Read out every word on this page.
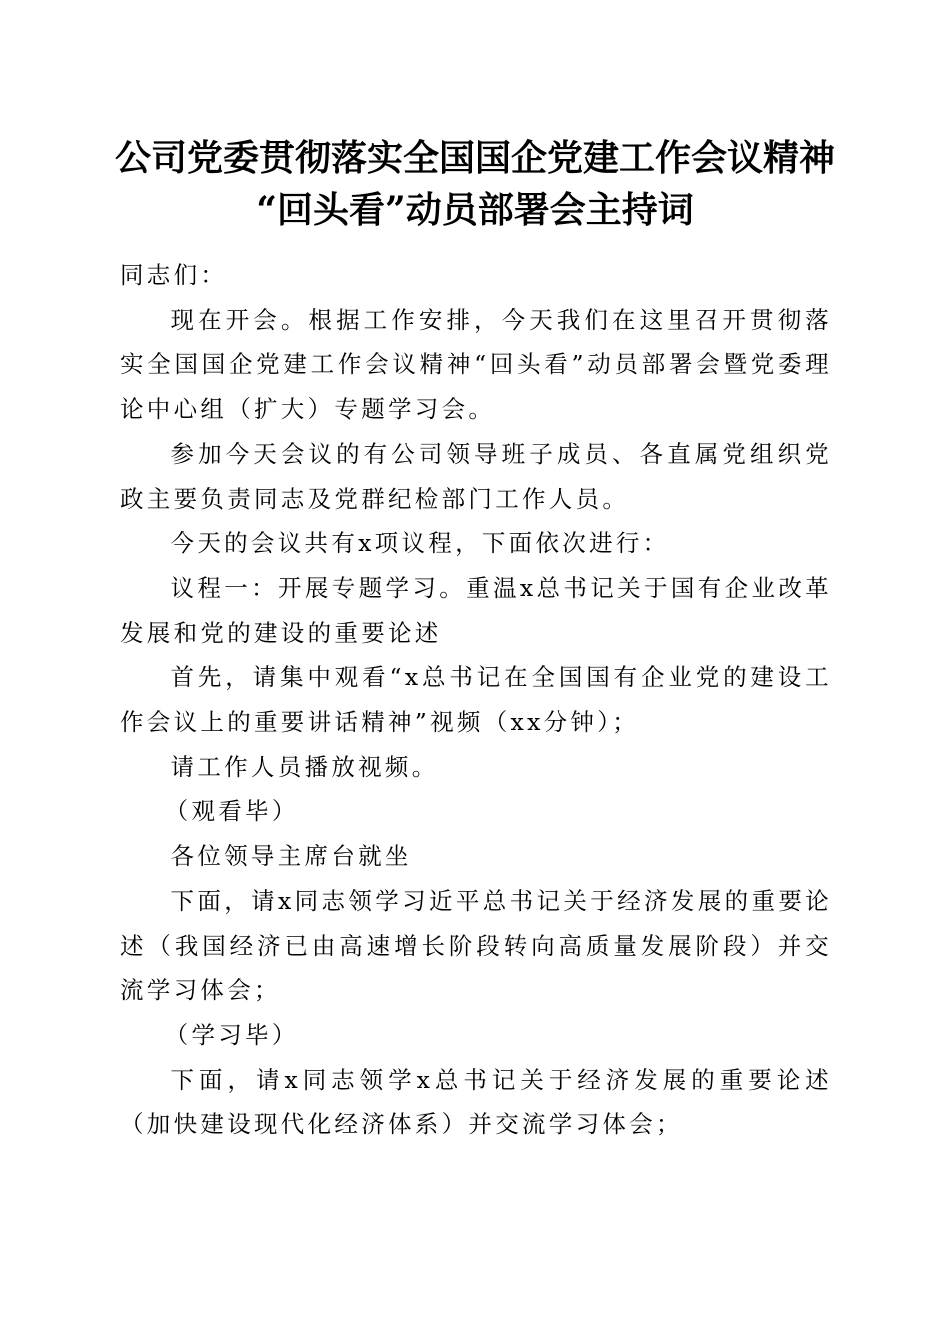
公司党委贯彻落实全国国企党建工作会议精神
“回头看”动员部署会主持词

同志们：

现在开会。根据工作安排，今天我们在这里召开贯彻落实全国国企党建工作会议精神“回头看”动员部署会暨党委理论中心组（扩大）专题学习会。

参加今天会议的有公司领导班子成员、各直属党组织党政主要负责同志及党群纪检部门工作人员。

今天的会议共有x项议程，下面依次进行：

议程一：开展专题学习。重温x总书记关于国有企业改革发展和党的建设的重要论述

首先，请集中观看“x总书记在全国国有企业党的建设工作会议上的重要讲话精神”视频（xx分钟）；

请工作人员播放视频。

（观看毕）

各位领导主席台就坐

下面，请x同志领学习近平总书记关于经济发展的重要论述（我国经济已由高速增长阶段转向高质量发展阶段）并交流学习体会；

（学习毕）

下面，请x同志领学x总书记关于经济发展的重要论述（加快建设现代化经济体系）并交流学习体会；
